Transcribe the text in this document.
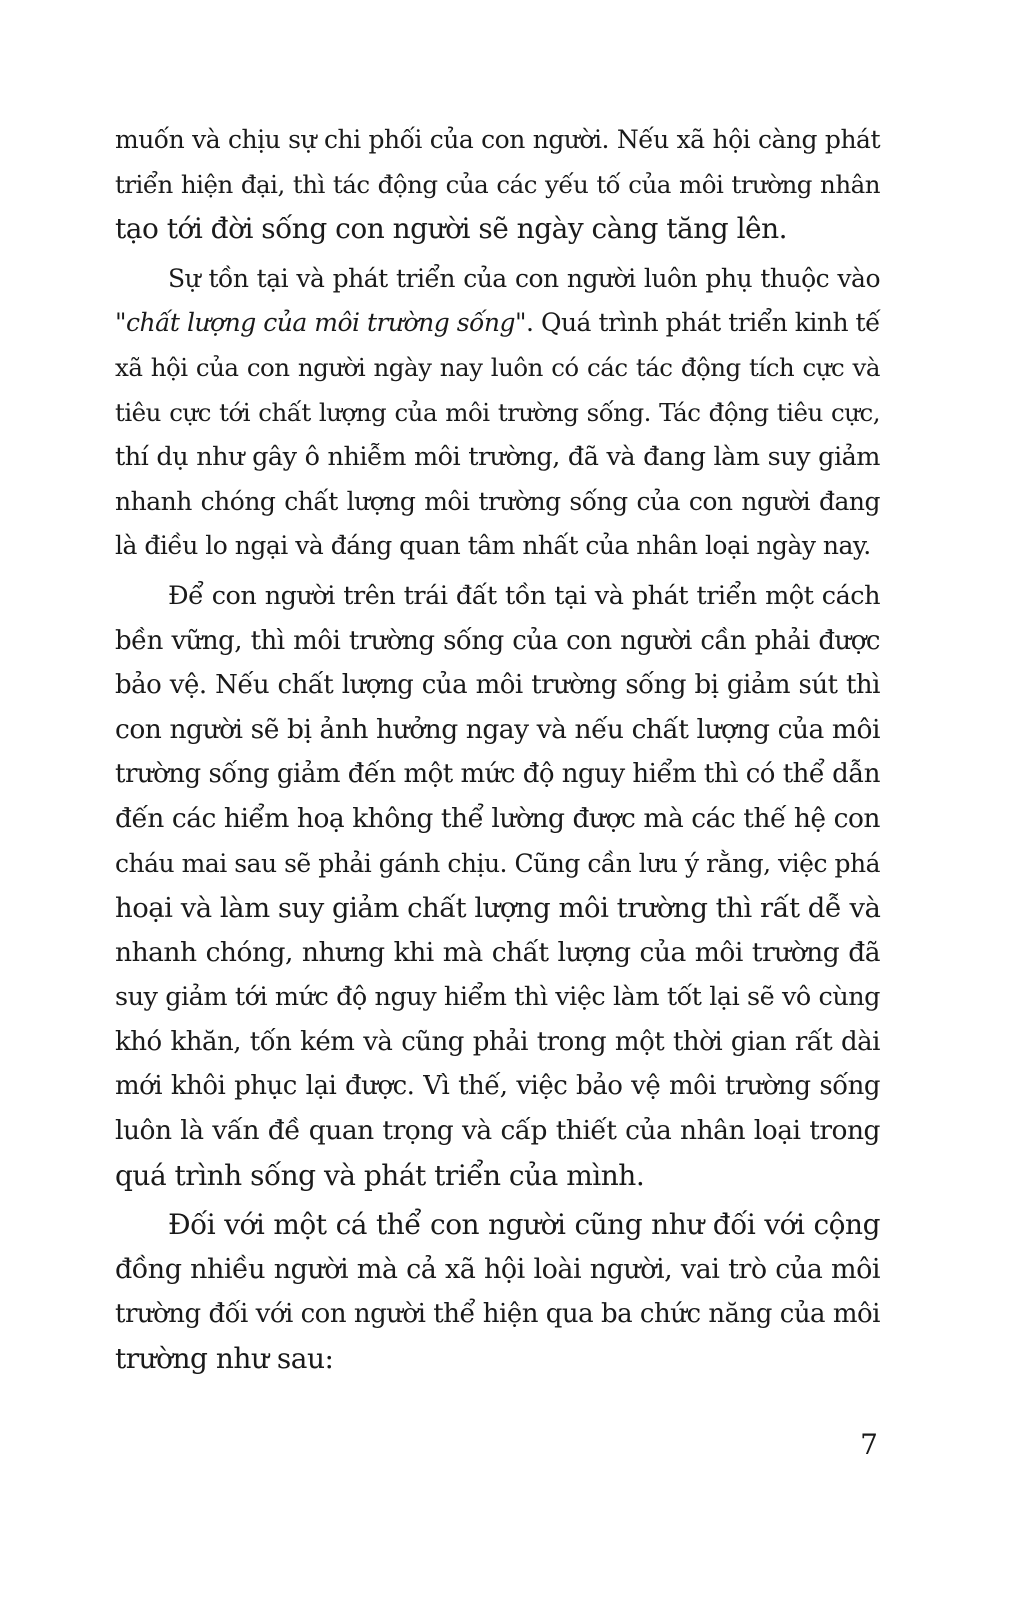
muốn và chịu sự chi phối của con người. Nếu xã hội càng phát
triển hiện đại, thì tác động của các yếu tố của môi trường nhân
tạo tới đời sống con người sẽ ngày càng tăng lên.
Sự tồn tại và phát triển của con người luôn phụ thuộc vào
"chất lượng của môi trường sống". Quá trình phát triển kinh tế
xã hội của con người ngày nay luôn có các tác động tích cực và
tiêu cực tới chất lượng của môi trường sống. Tác động tiêu cực,
thí dụ như gây ô nhiễm môi trường, đã và đang làm suy giảm
nhanh chóng chất lượng môi trường sống của con người đang
là điều lo ngại và đáng quan tâm nhất của nhân loại ngày nay.
Để con người trên trái đất tồn tại và phát triển một cách
bền vững, thì môi trường sống của con người cần phải được
bảo vệ. Nếu chất lượng của môi trường sống bị giảm sút thì
con người sẽ bị ảnh hưởng ngay và nếu chất lượng của môi
trường sống giảm đến một mức độ nguy hiểm thì có thể dẫn
đến các hiểm hoạ không thể lường được mà các thế hệ con
cháu mai sau sẽ phải gánh chịu. Cũng cần lưu ý rằng, việc phá
hoại và làm suy giảm chất lượng môi trường thì rất dễ và
nhanh chóng, nhưng khi mà chất lượng của môi trường đã
suy giảm tới mức độ nguy hiểm thì việc làm tốt lại sẽ vô cùng
khó khăn, tốn kém và cũng phải trong một thời gian rất dài
mới khôi phục lại được. Vì thế, việc bảo vệ môi trường sống
luôn là vấn đề quan trọng và cấp thiết của nhân loại trong
quá trình sống và phát triển của mình.
Đối với một cá thể con người cũng như đối với cộng
đồng nhiều người mà cả xã hội loài người, vai trò của môi
trường đối với con người thể hiện qua ba chức năng của môi
trường như sau:
7
